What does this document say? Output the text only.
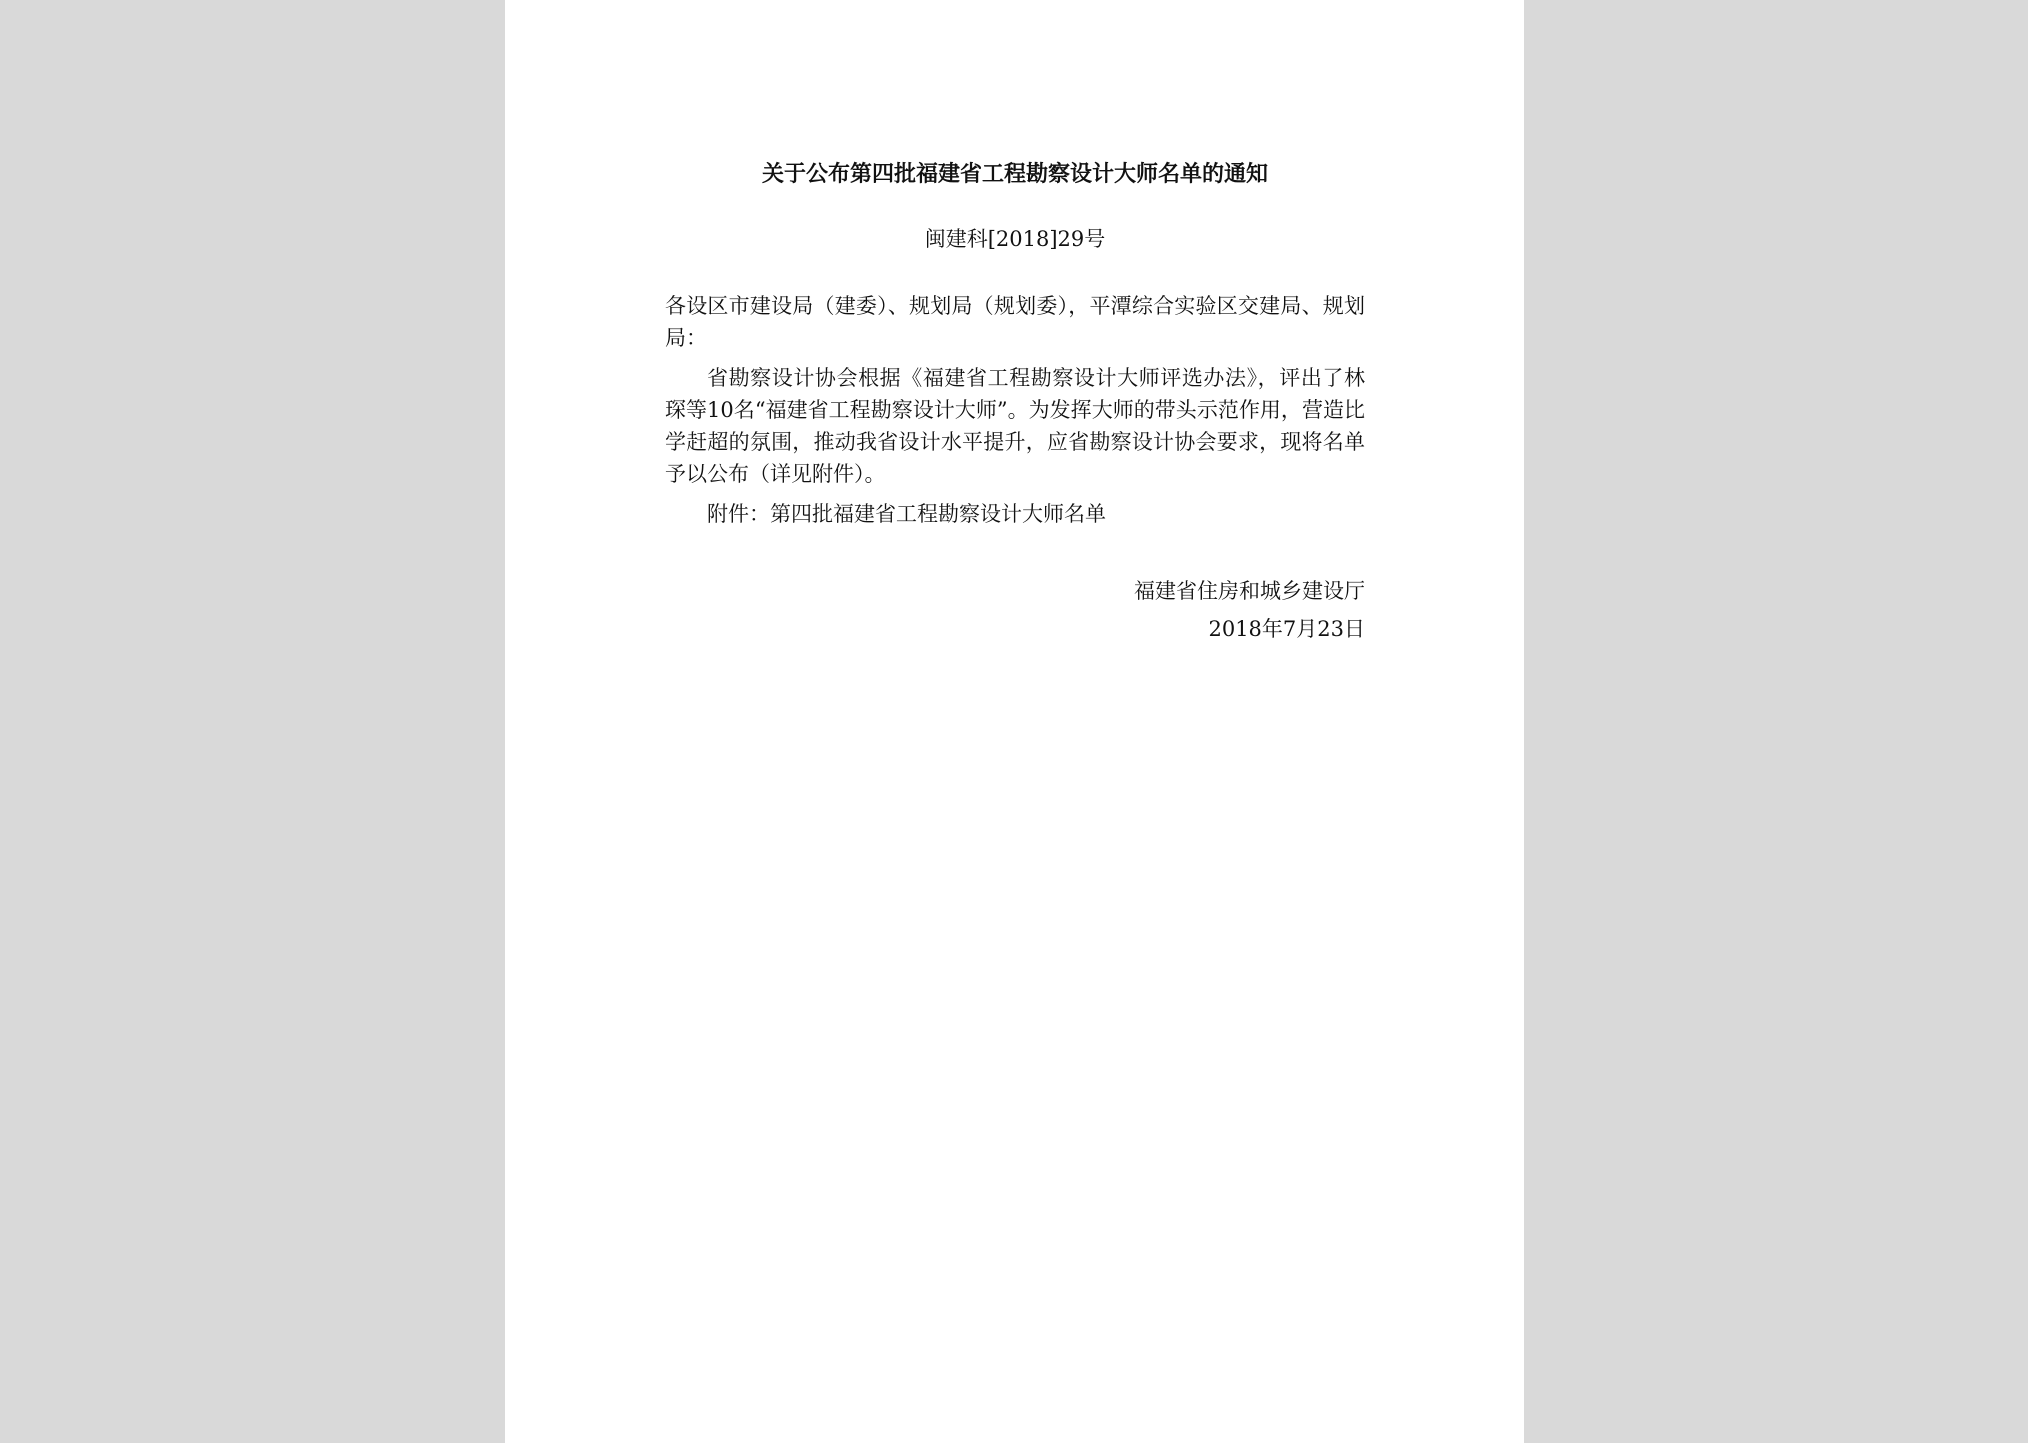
关于公布第四批福建省工程勘察设计大师名单的通知
闽建科[2018]29号

各设区市建设局（建委）、规划局（规划委），平潭综合实验区交建局、规划局：

省勘察设计协会根据《福建省工程勘察设计大师评选办法》，评出了林琛等10名“福建省工程勘察设计大师”。为发挥大师的带头示范作用，营造比学赶超的氛围，推动我省设计水平提升，应省勘察设计协会要求，现将名单予以公布（详见附件）。

附件：第四批福建省工程勘察设计大师名单

福建省住房和城乡建设厅
2018年7月23日
